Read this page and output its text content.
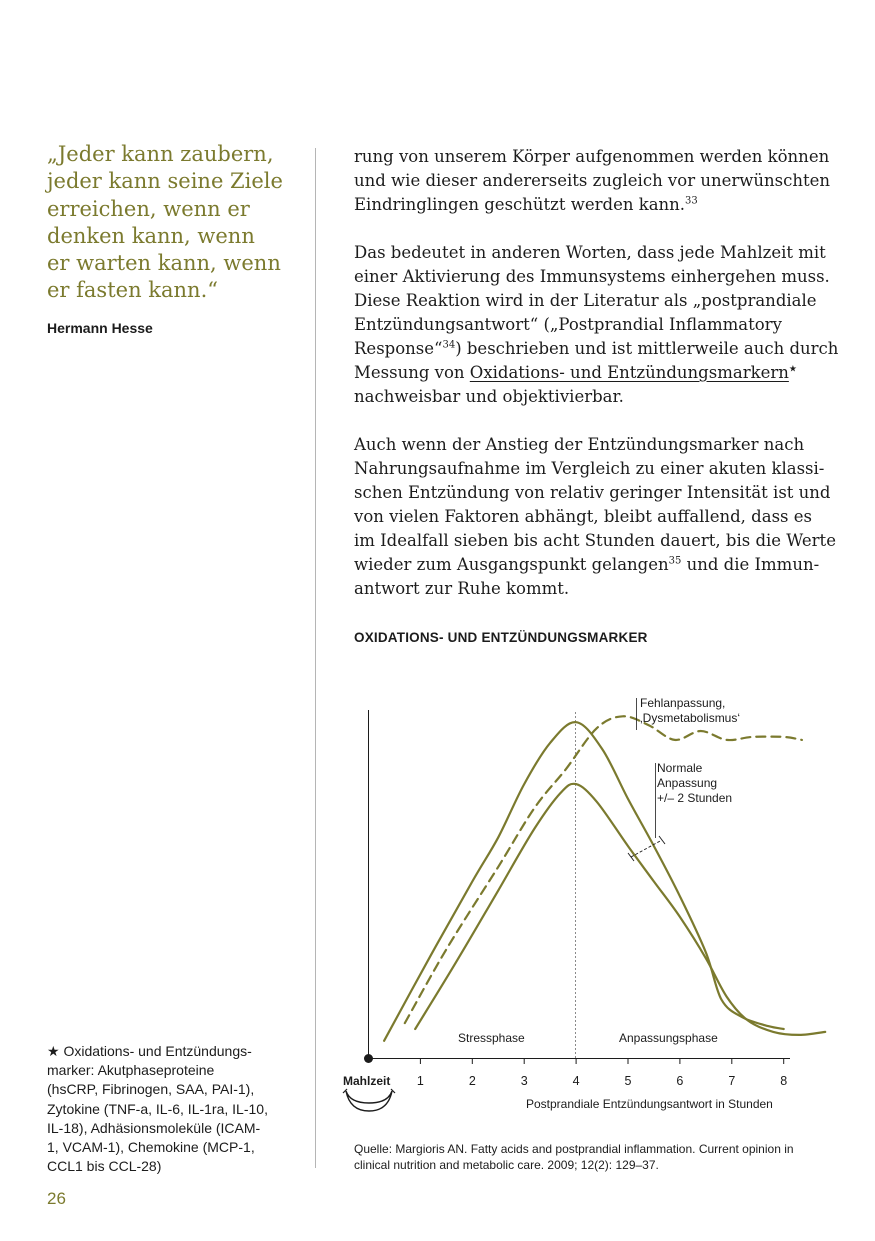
„Jeder kann zaubern,

jeder kann seine Ziele

erreichen, wenn er

denken kann, wenn

er warten kann, wenn

er fasten kann.“

Hermann Hesse

rung von unserem Körper aufgenommen werden können
und wie dieser andererseits zugleich vor unerwünschten
Eindringlingen geschützt werden kann.$^{33}$

Das bedeutet in anderen Worten, dass jede Mahlzeit mit
einer Aktivierung des Immunsystems einhergehen muss.
Diese Reaktion wird in der Literatur als „postprandiale
Entzündungsantwort“ („Postprandial Inflammatory
Response“$^{34}$) beschrieben und ist mittlerweile auch durch
Messung von Oxidations- und Entzündungsmarkern★
nachweisbar und objektivierbar.

Auch wenn der Anstieg der Entzündungsmarker nach
Nahrungsaufnahme im Vergleich zu einer akuten klassi-
schen Entzündung von relativ geringer Intensität ist und
von vielen Faktoren abhängt, bleibt auffallend, dass es
im Idealfall sieben bis acht Stunden dauert, bis die Werte
wieder zum Ausgangspunkt gelangen$^{35}$ und die Immun-
antwort zur Ruhe kommt.

OXIDATIONS- UND ENTZÜNDUNGSMARKER
1	2	3	4	5	6	7	8
Fehlanpassung, ‚Dysmetabolismus‘
Normale Anpassung +/– 2 Stunden
Stressphase	Anpassungsphase
Mahlzeit
Postprandiale Entzündungsantwort in Stunden
★ Oxidations- und Entzündungs-
marker: Akutphaseproteine
(hsCRP, Fibrinogen, SAA, PAI-1),
Zytokine (TNF-a, IL-6, IL-1ra, IL-10,
IL-18), Adhäsionsmoleküle (ICAM-
1, VCAM-1), Chemokine (MCP-1,
CCL1 bis CCL-28)
Quelle: Margioris AN. Fatty acids and postprandial inflammation. Current opinion in
clinical nutrition and metabolic care. 2009; 12(2): 129–37.
26
